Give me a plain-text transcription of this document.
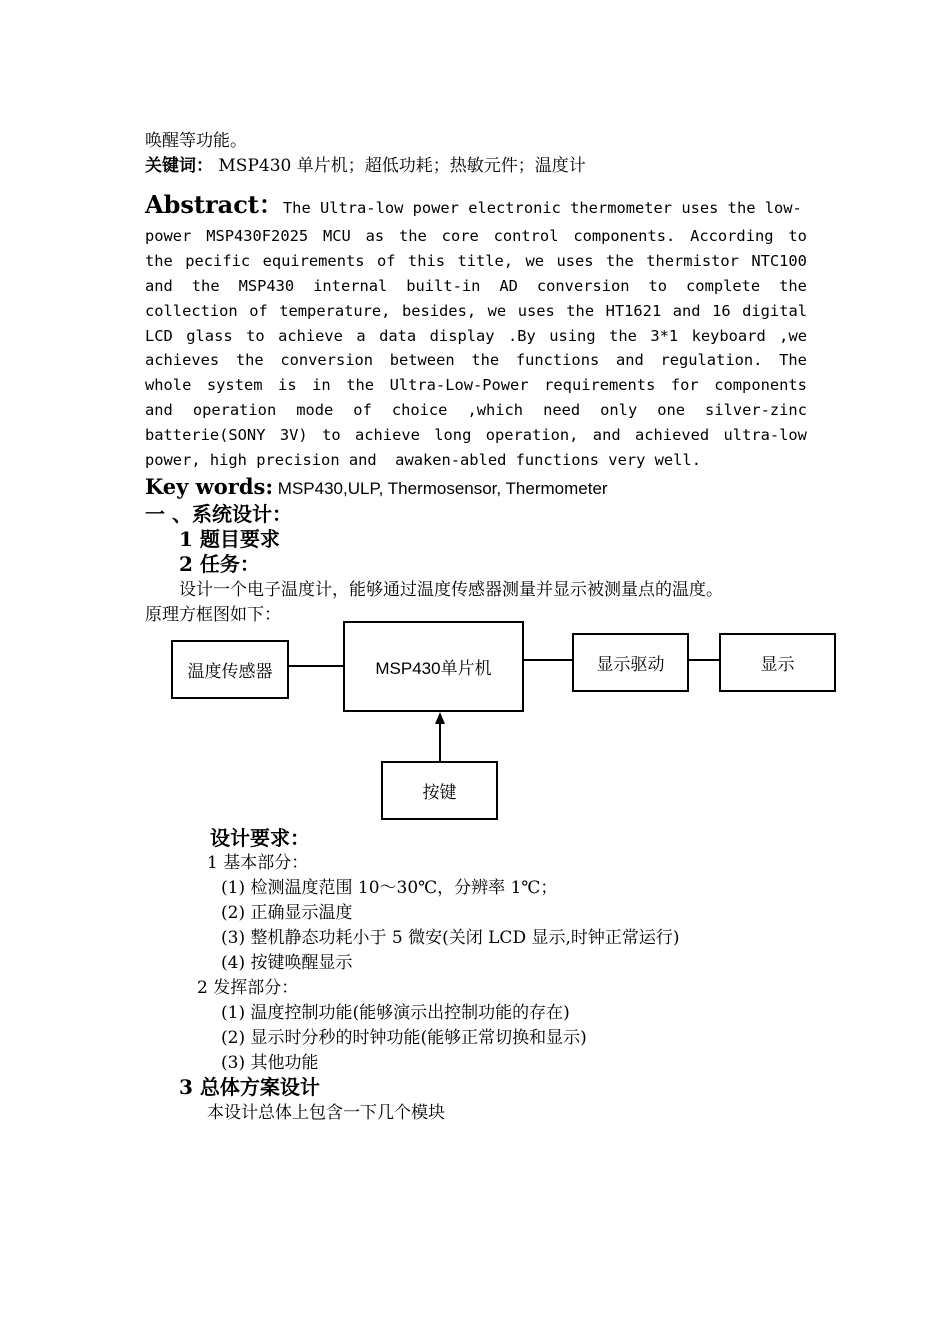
唤醒等功能。
关键词： MSP430 单片机；超低功耗；热敏元件；温度计
Abstract：The Ultra-low power electronic thermometer uses the low-
power MSP430F2025 MCU as the core control components. According to
the pecific equirements of this title, we uses the thermistor NTC100
and the MSP430 internal built-in AD conversion to complete the
collection of temperature, besides, we uses the HT1621 and 16 digital
LCD glass to achieve a data display .By using the 3*1 keyboard ,we
achieves the conversion between the functions and regulation. The
whole system is in the Ultra-Low-Power requirements for components
and operation mode of choice ,which need only one silver-zinc
batterie(SONY 3V) to achieve long operation, and achieved ultra-low
power, high precision and  awaken-abled functions very well.
Key words: MSP430,ULP, Thermosensor, Thermometer
一 、系统设计：
1 题目要求
2 任务：
设计一个电子温度计，能够通过温度传感器测量并显示被测量点的温度。
原理方框图如下：
温度传感器	MSP430单片机	显示驱动	显示
按键
设计要求：
1 基本部分：
(1) 检测温度范围 10～30℃，分辨率 1℃；
(2) 正确显示温度
(3) 整机静态功耗小于 5 微安(关闭 LCD 显示,时钟正常运行)
(4) 按键唤醒显示
2 发挥部分：
(1) 温度控制功能(能够演示出控制功能的存在)
(2) 显示时分秒的时钟功能(能够正常切换和显示)
(3) 其他功能
3 总体方案设计
本设计总体上包含一下几个模块
